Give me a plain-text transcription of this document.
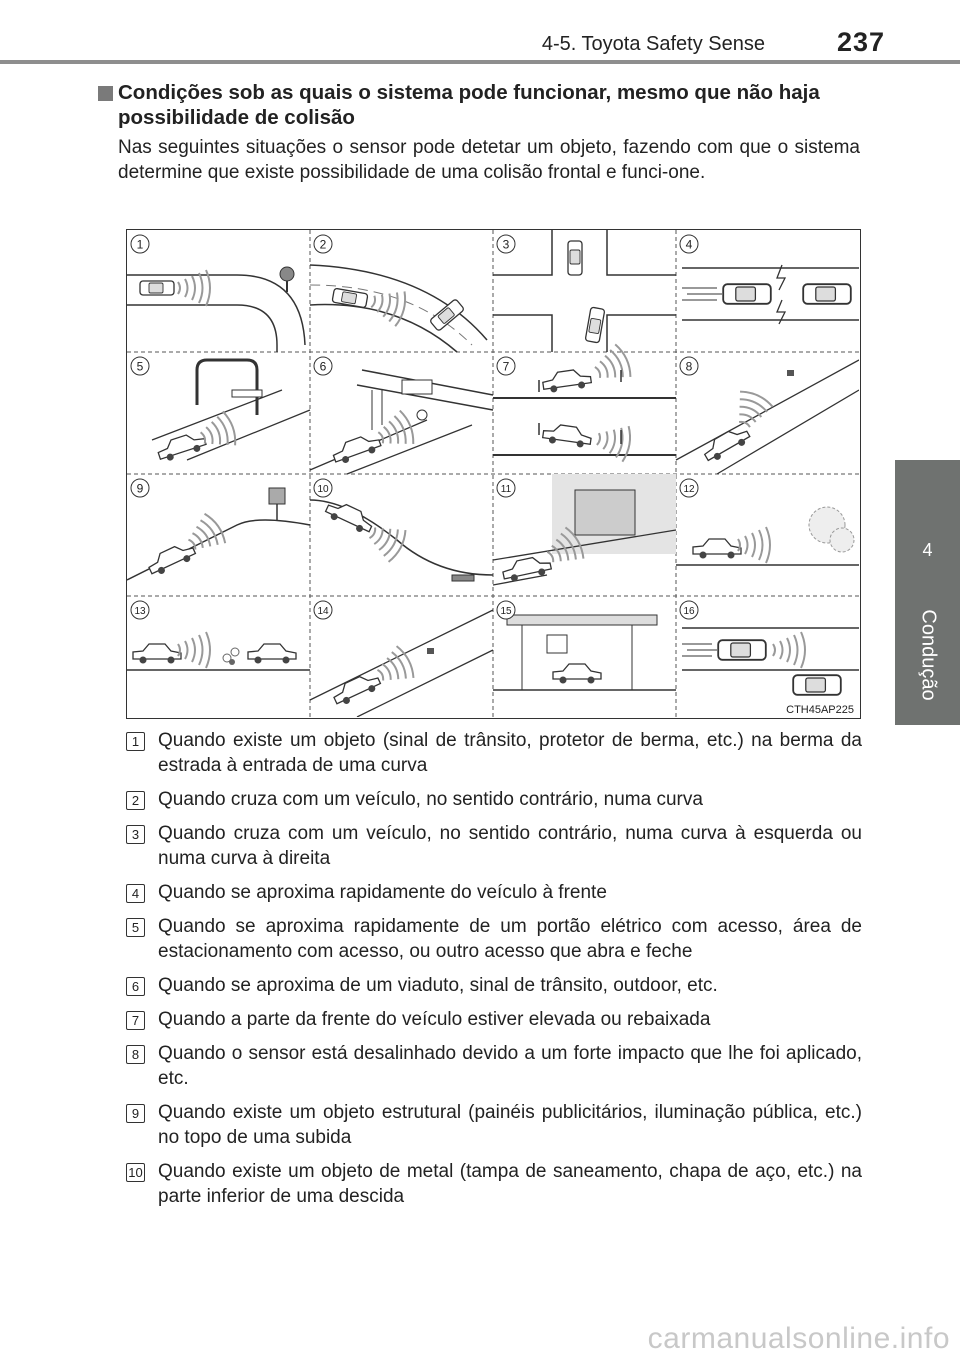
4-5. Toyota Safety Sense	237
4
Condução
Condições sob as quais o sistema pode funcionar, mesmo que não haja possibilidade de colisão
Nas seguintes situações o sensor pode detetar um objeto, fazendo com que o sistema determine que existe possibilidade de uma colisão frontal e funci-one.
1	2	3	4
5	6	7	8
9	10	11	12
13	14	15	16
CTH45AP225
1 Quando existe um objeto (sinal de trânsito, protetor de berma, etc.) na berma da estrada à entrada de uma curva
2 Quando cruza com um veículo, no sentido contrário, numa curva
3 Quando cruza com um veículo, no sentido contrário, numa curva à esquerda ou numa curva à direita
4 Quando se aproxima rapidamente do veículo à frente
5 Quando se aproxima rapidamente de um portão elétrico com acesso, área de estacionamento com acesso, ou outro acesso que abra e feche
6 Quando se aproxima de um viaduto, sinal de trânsito, outdoor, etc.
7 Quando a parte da frente do veículo estiver elevada ou rebaixada
8 Quando o sensor está desalinhado devido a um forte impacto que lhe foi aplicado, etc.
9 Quando existe um objeto estrutural (painéis publicitários, iluminação pública, etc.) no topo de uma subida
10 Quando existe um objeto de metal (tampa de saneamento, chapa de aço, etc.) na parte inferior de uma descida
carmanualsonline.info
